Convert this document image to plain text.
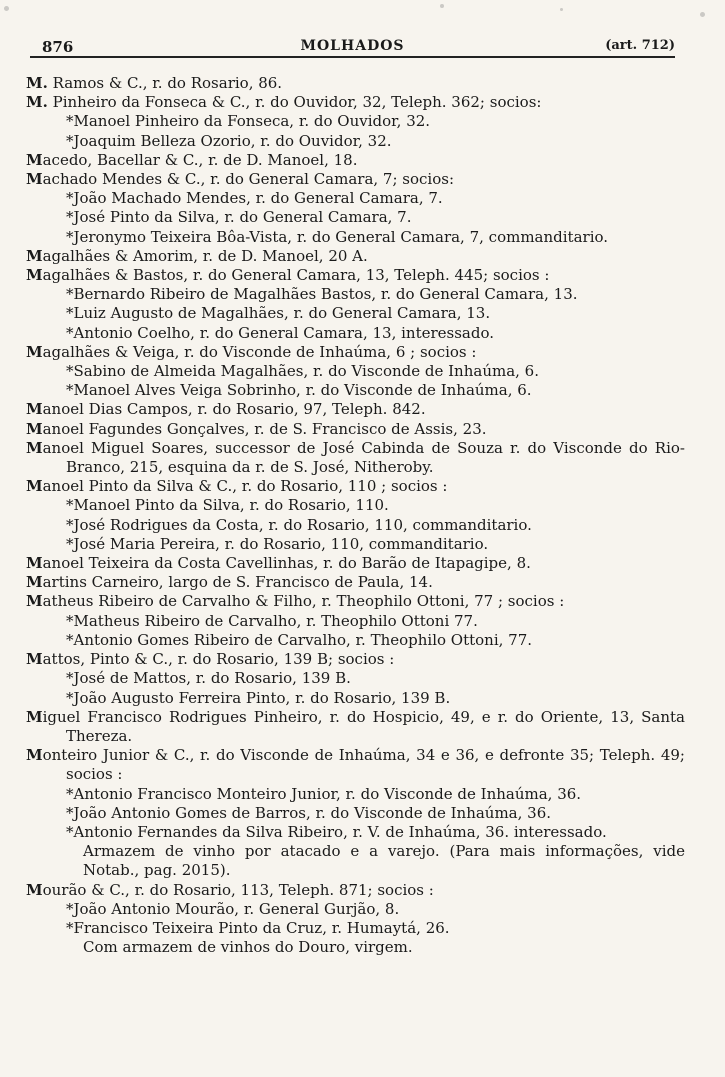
876	MOLHADOS	(art. 712)
M. Ramos & C., r. do Rosario, 86.
M. Pinheiro da Fonseca & C., r. do Ouvidor, 32, Teleph. 362; socios:
*Manoel Pinheiro da Fonseca, r. do Ouvidor, 32.
*Joaquim Belleza Ozorio, r. do Ouvidor, 32.
Macedo, Bacellar & C., r. de D. Manoel, 18.
Machado Mendes & C., r. do General Camara, 7; socios:
*João Machado Mendes, r. do General Camara, 7.
*José Pinto da Silva, r. do General Camara, 7.
*Jeronymo Teixeira Bôa-Vista, r. do General Camara, 7, commanditario.
Magalhães & Amorim, r. de D. Manoel, 20 A.
Magalhães & Bastos, r. do General Camara, 13, Teleph. 445; socios :
*Bernardo Ribeiro de Magalhães Bastos, r. do General Camara, 13.
*Luiz Augusto de Magalhães, r. do General Camara, 13.
*Antonio Coelho, r. do General Camara, 13, interessado.
Magalhães & Veiga, r. do Visconde de Inhaúma, 6 ; socios :
*Sabino de Almeida Magalhães, r. do Visconde de Inhaúma, 6.
*Manoel Alves Veiga Sobrinho, r. do Visconde de Inhaúma, 6.
Manoel Dias Campos, r. do Rosario, 97, Teleph. 842.
Manoel Fagundes Gonçalves, r. de S. Francisco de Assis, 23.
Manoel Miguel Soares, successor de José Cabinda de Souza r. do Visconde do Rio-Branco, 215, esquina da r. de S. José, Nitheroby.
Manoel Pinto da Silva & C., r. do Rosario, 110 ; socios :
*Manoel Pinto da Silva, r. do Rosario, 110.
*José Rodrigues da Costa, r. do Rosario, 110, commanditario.
*José Maria Pereira, r. do Rosario, 110, commanditario.
Manoel Teixeira da Costa Cavellinhas, r. do Barão de Itapagipe, 8.
Martins Carneiro, largo de S. Francisco de Paula, 14.
Matheus Ribeiro de Carvalho & Filho, r. Theophilo Ottoni, 77 ; socios :
*Matheus Ribeiro de Carvalho, r. Theophilo Ottoni 77.
*Antonio Gomes Ribeiro de Carvalho, r. Theophilo Ottoni, 77.
Mattos, Pinto & C., r. do Rosario, 139 B; socios :
*José de Mattos, r. do Rosario, 139 B.
*João Augusto Ferreira Pinto, r. do Rosario, 139 B.
Miguel Francisco Rodrigues Pinheiro, r. do Hospicio, 49, e r. do Oriente, 13, Santa Thereza.
Monteiro Junior & C., r. do Visconde de Inhaúma, 34 e 36, e defronte 35; Teleph. 49; socios :
*Antonio Francisco Monteiro Junior, r. do Visconde de Inhaúma, 36.
*João Antonio Gomes de Barros, r. do Visconde de Inhaúma, 36.
*Antonio Fernandes da Silva Ribeiro, r. V. de Inhaúma, 36. interessado.
Armazem de vinho por atacado e a varejo. (Para mais informações, vide Notab., pag. 2015).
Mourão & C., r. do Rosario, 113, Teleph. 871; socios :
*João Antonio Mourão, r. General Gurjão, 8.
*Francisco Teixeira Pinto da Cruz, r. Humaytá, 26.
Com armazem de vinhos do Douro, virgem.
